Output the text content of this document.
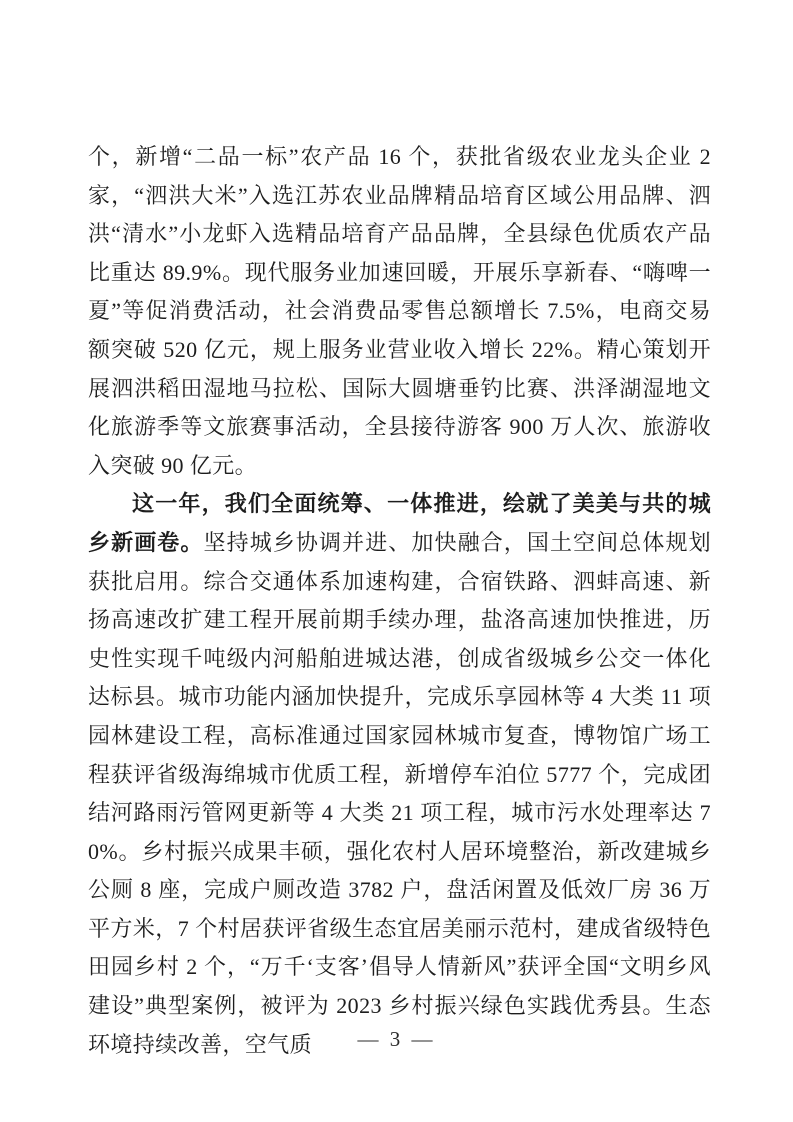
个，新增“二品一标”农产品 16 个，获批省级农业龙头企业 2 家，“泗洪大米”入选江苏农业品牌精品培育区域公用品牌、泗洪“清水”小龙虾入选精品培育产品品牌，全县绿色优质农产品比重达 89.9%。现代服务业加速回暖，开展乐享新春、“嗨啤一夏”等促消费活动，社会消费品零售总额增长 7.5%，电商交易额突破 520 亿元，规上服务业营业收入增长 22%。精心策划开展泗洪稻田湿地马拉松、国际大圆塘垂钓比赛、洪泽湖湿地文化旅游季等文旅赛事活动，全县接待游客 900 万人次、旅游收入突破 90 亿元。

这一年，我们全面统筹、一体推进，绘就了美美与共的城乡新画卷。坚持城乡协调并进、加快融合，国土空间总体规划获批启用。综合交通体系加速构建，合宿铁路、泗蚌高速、新扬高速改扩建工程开展前期手续办理，盐洛高速加快推进，历史性实现千吨级内河船舶进城达港，创成省级城乡公交一体化达标县。城市功能内涵加快提升，完成乐享园林等 4 大类 11 项园林建设工程，高标准通过国家园林城市复查，博物馆广场工程获评省级海绵城市优质工程，新增停车泊位 5777 个，完成团结河路雨污管网更新等 4 大类 21 项工程，城市污水处理率达 70%。乡村振兴成果丰硕，强化农村人居环境整治，新改建城乡公厕 8 座，完成户厕改造 3782 户，盘活闲置及低效厂房 36 万平方米，7 个村居获评省级生态宜居美丽示范村，建成省级特色田园乡村 2 个，“万千‘支客’倡导人情新风”获评全国“文明乡风建设”典型案例，被评为 2023 乡村振兴绿色实践优秀县。生态环境持续改善，空气质	— 3 —
